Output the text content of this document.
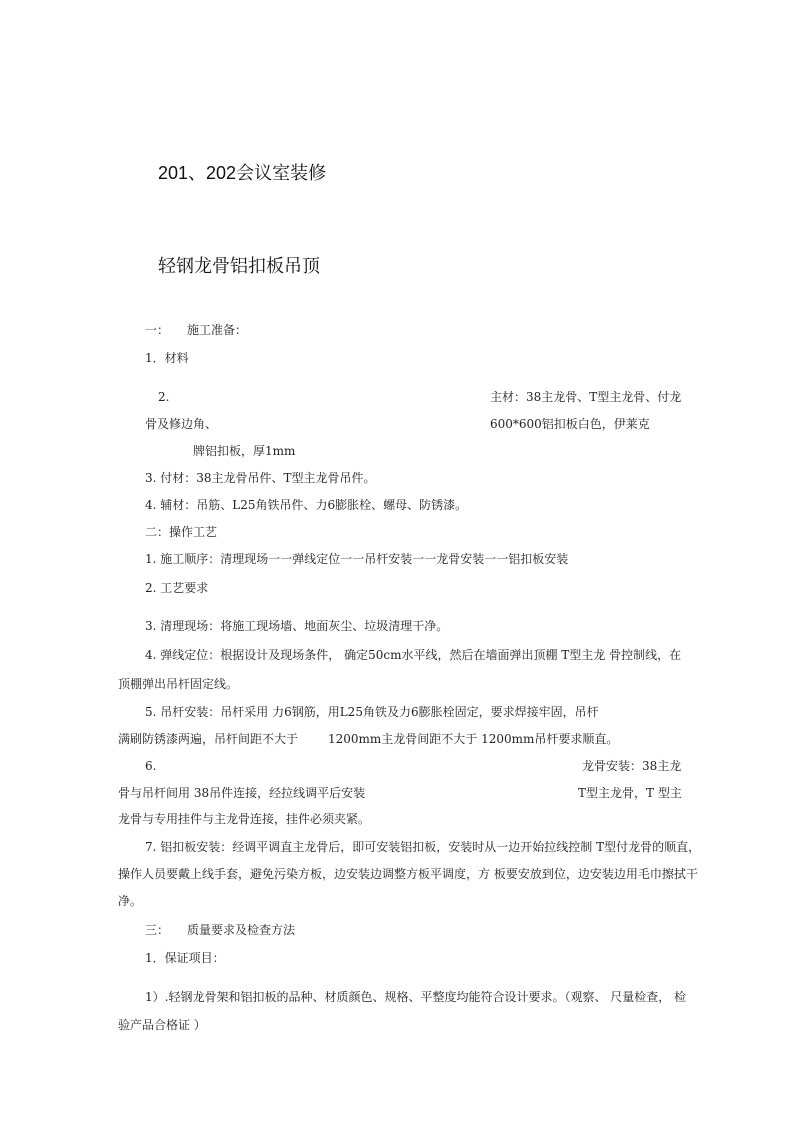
201、202会议室装修
轻钢龙骨铝扣板吊顶
一： 施工准备：
1．材料
2.	主材：38主龙骨、T型主龙骨、付龙
骨及修边角、	600*600铝扣板白色，伊莱克
牌铝扣板，厚1mm
3. 付材：38主龙骨吊件、T型主龙骨吊件。
4. 辅材：吊筋、L25角铁吊件、力6膨胀栓、螺母、防锈漆。
二：操作工艺
1. 施工顺序：清理现场一一弹线定位一一吊杆安装一一龙骨安装一一铝扣板安装
2. 工艺要求
3. 清理现场：将施工现场墙、地面灰尘、垃圾清理干净。
4. 弹线定位：根据设计及现场条件， 确定50cm水平线，然后在墙面弹出顶棚 T型主龙 骨控制线，在
顶棚弹出吊杆固定线。
5. 吊杆安装：吊杆采用 力6钢筋，用L25角铁及力6膨胀栓固定，要求焊接牢固，吊杆
满刷防锈漆两遍，吊杆间距不大于 1200mm主龙骨间距不大于 1200mm吊杆要求顺直。
6.	龙骨安装：38主龙
骨与吊杆间用 38吊件连接，经拉线调平后安装	T型主龙骨，T 型主
龙骨与专用挂件与主龙骨连接，挂件必须夹紧。
7. 铝扣板安装：经调平调直主龙骨后，即可安装铝扣板，安装时从一边开始拉线控制 T型付龙骨的顺直，
操作人员要戴上线手套，避免污染方板，边安装边调整方板平调度，方 板要安放到位，边安装边用毛巾擦拭干
净。
三： 质量要求及检查方法
1．保证项目：
1）.轻钢龙骨架和铝扣板的品种、材质颜色、规格、平整度均能符合设计要求。（观察、 尺量检查， 检
验产品合格证 ）
